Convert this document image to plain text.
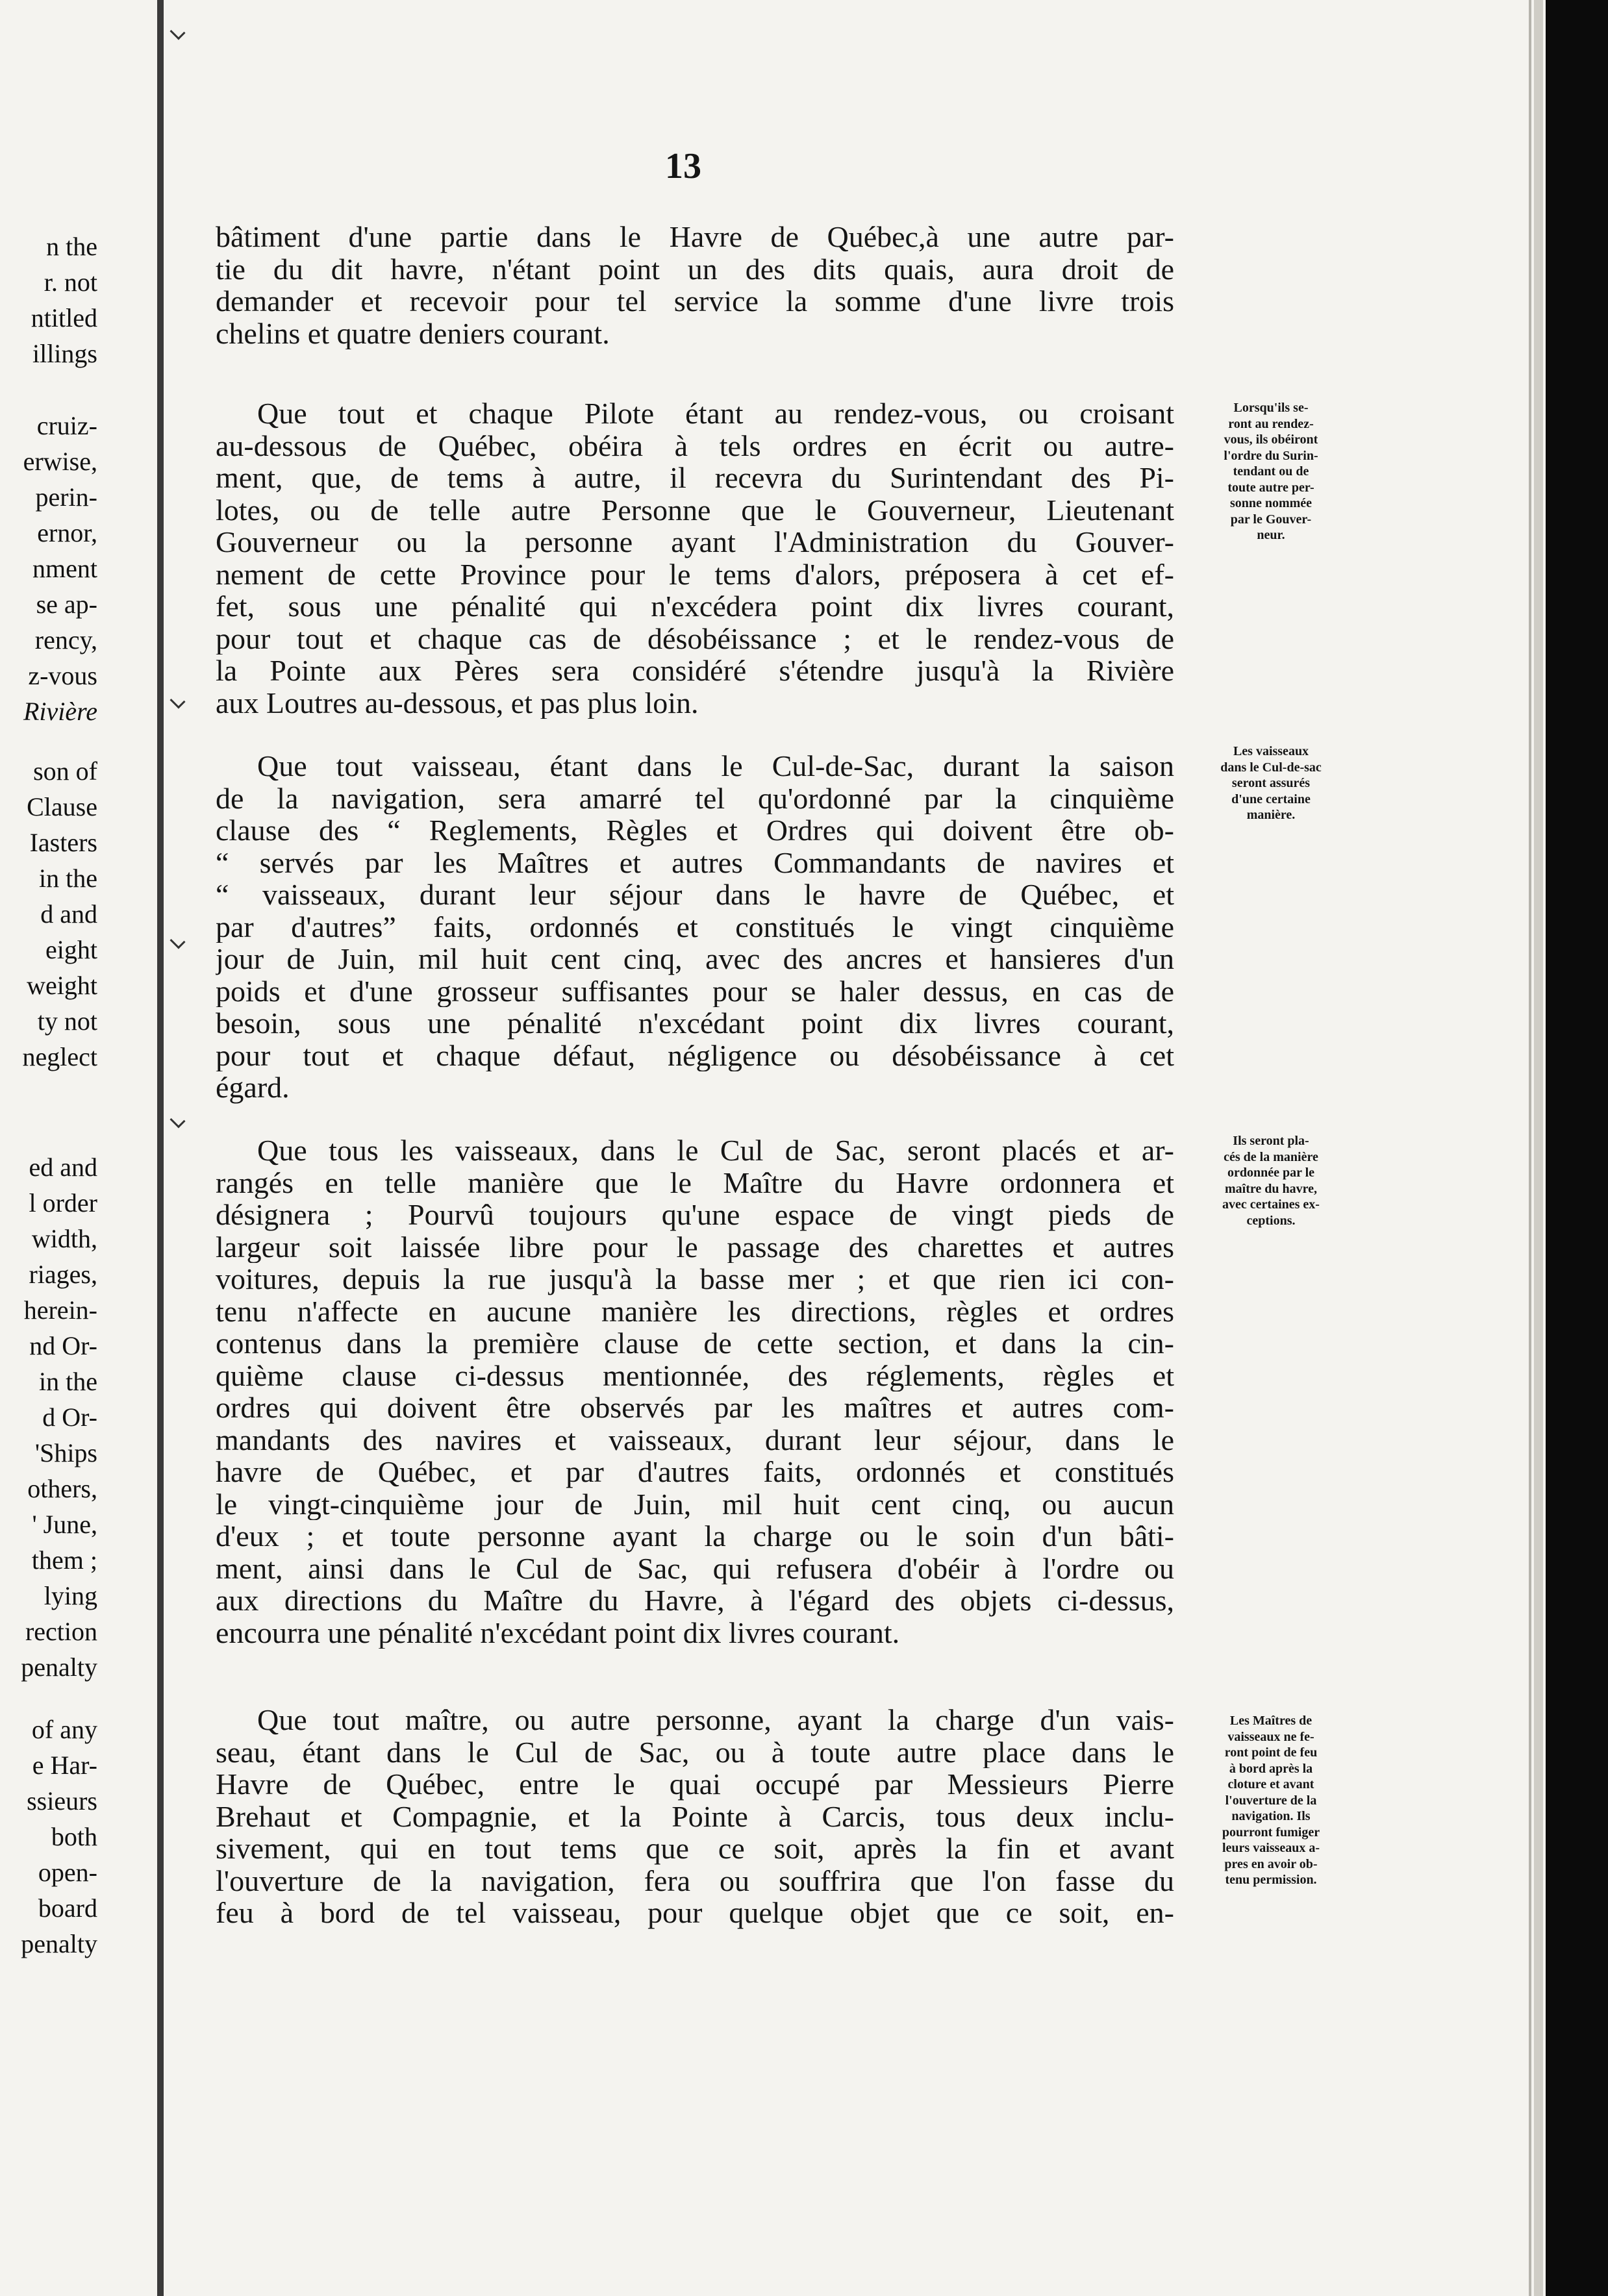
n the
r. not
ntitled
illings
cruiz-
erwise,
perin-
ernor,
nment
se ap-
rency,
z-vous
Rivière
son of
Clause
Iasters
in the
d and
eight
weight
ty not
neglect
ed and
l order
width,
riages,
herein-
nd Or-
in the
d Or-
'Ships
others,
' June,
them ;
lying
rection
penalty
of any
e Har-
ssieurs
both
open-
board
penalty
13
bâtiment d'une partie dans le Havre de Québec,à une autre par-
tie du dit havre, n'étant point un des dits quais, aura droit de
demander et recevoir pour tel service la somme d'une livre trois
chelins et quatre deniers courant.
Que tout et chaque Pilote étant au rendez-vous, ou croisant
au-dessous de Québec, obéira à tels ordres en écrit ou autre-
ment, que, de tems à autre, il recevra du Surintendant des Pi-
lotes, ou de telle autre Personne que le Gouverneur, Lieutenant
Gouverneur ou la personne ayant l'Administration du Gouver-
nement de cette Province pour le tems d'alors, préposera à cet ef-
fet, sous une pénalité qui n'excédera point dix livres courant,
pour tout et chaque cas de désobéissance ; et le rendez-vous de
la Pointe aux Pères sera considéré s'étendre jusqu'à la Rivière
aux Loutres au-dessous, et pas plus loin.
Que tout vaisseau, étant dans le Cul-de-Sac, durant la saison
de la navigation, sera amarré tel qu'ordonné par la cinquième
clause des “ Reglements, Règles et Ordres qui doivent être ob-
“ servés par les Maîtres et autres Commandants de navires et
“ vaisseaux, durant leur séjour dans le havre de Québec, et
par d'autres” faits, ordonnés et constitués le vingt cinquième
jour de Juin, mil huit cent cinq, avec des ancres et hansieres d'un
poids et d'une grosseur suffisantes pour se haler dessus, en cas de
besoin, sous une pénalité n'excédant point dix livres courant,
pour tout et chaque défaut, négligence ou désobéissance à cet
égard.
Que tous les vaisseaux, dans le Cul de Sac, seront placés et ar-
rangés en telle manière que le Maître du Havre ordonnera et
désignera ; Pourvû toujours qu'une espace de vingt pieds de
largeur soit laissée libre pour le passage des charettes et autres
voitures, depuis la rue jusqu'à la basse mer ; et que rien ici con-
tenu n'affecte en aucune manière les directions, règles et ordres
contenus dans la première clause de cette section, et dans la cin-
quième clause ci-dessus mentionnée, des réglements, règles et
ordres qui doivent être observés par les maîtres et autres com-
mandants des navires et vaisseaux, durant leur séjour, dans le
havre de Québec, et par d'autres faits, ordonnés et constitués
le vingt-cinquième jour de Juin, mil huit cent cinq, ou aucun
d'eux ; et toute personne ayant la charge ou le soin d'un bâti-
ment, ainsi dans le Cul de Sac, qui refusera d'obéir à l'ordre ou
aux directions du Maître du Havre, à l'égard des objets ci-dessus,
encourra une pénalité n'excédant point dix livres courant.
Que tout maître, ou autre personne, ayant la charge d'un vais-
seau, étant dans le Cul de Sac, ou à toute autre place dans le
Havre de Québec, entre le quai occupé par Messieurs Pierre
Brehaut et Compagnie, et la Pointe à Carcis, tous deux inclu-
sivement, qui en tout tems que ce soit, après la fin et avant
l'ouverture de la navigation, fera ou souffrira que l'on fasse du
feu à bord de tel vaisseau, pour quelque objet que ce soit, en-
Lorsqu'ils se-
ront au rendez-
vous, ils obéiront
l'ordre du Surin-
tendant ou de
toute autre per-
sonne nommée
par le Gouver-
neur.
Les vaisseaux
dans le Cul-de-sac
seront assurés
d'une certaine
manière.
Ils seront pla-
cés de la manière
ordonnée par le
maître du havre,
avec certaines ex-
ceptions.
Les Maîtres de
vaisseaux ne fe-
ront point de feu
à bord après la
cloture et avant
l'ouverture de la
navigation. Ils
pourront fumiger
leurs vaisseaux a-
pres en avoir ob-
tenu permission.
